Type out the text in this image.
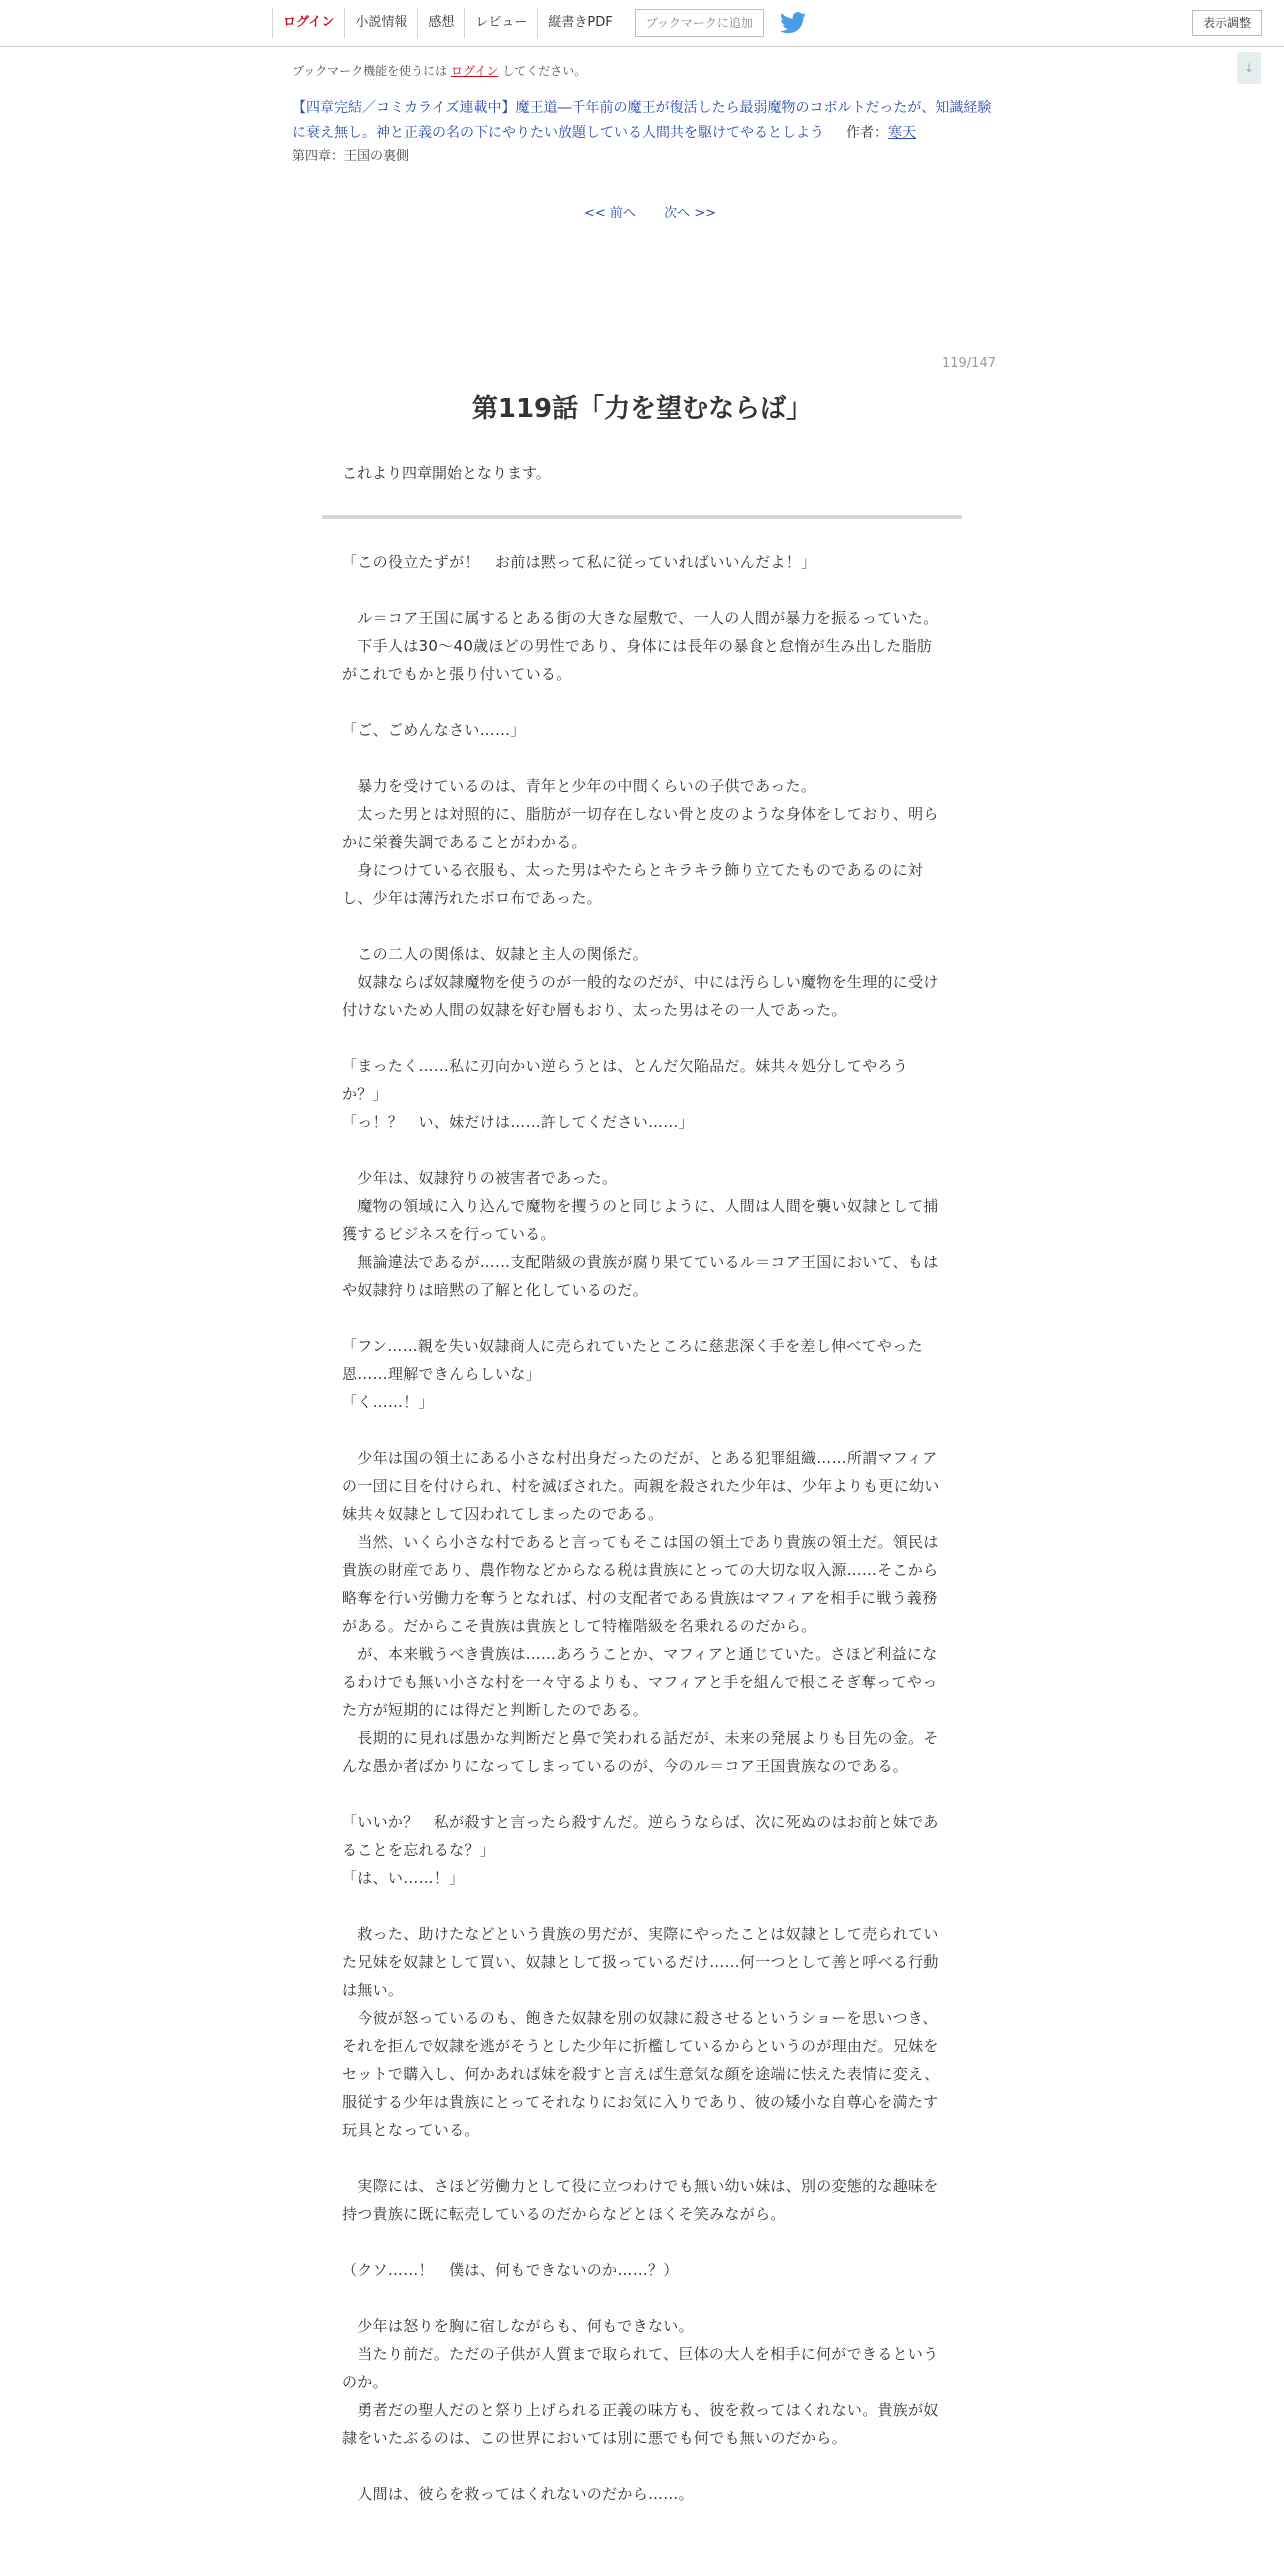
ログイン	小説情報	感想	レビュー	縦書きPDF	ブックマークに追加	表示調整
↓
ブックマーク機能を使うには ログイン してください。
【四章完結／コミカライズ連載中】魔王道―千年前の魔王が復活したら最弱魔物のコボルトだったが、知識経験に衰え無し。神と正義の名の下にやりたい放題している人間共を駆けてやるとしよう 作者：寒天
第四章：王国の裏側
<< 前へ 次へ >>
119/147
第119話「力を望むならば」
これより四章開始となります。

「この役立たずが！　お前は黙って私に従っていればいいんだよ！」

　ル＝コア王国に属するとある街の大きな屋敷で、一人の人間が暴力を振るっていた。

　下手人は30～40歳ほどの男性であり、身体には長年の暴食と怠惰が生み出した脂肪がこれでもかと張り付いている。

「ご、ごめんなさい……」

　暴力を受けているのは、青年と少年の中間くらいの子供であった。

　太った男とは対照的に、脂肪が一切存在しない骨と皮のような身体をしており、明らかに栄養失調であることがわかる。

　身につけている衣服も、太った男はやたらとキラキラ飾り立てたものであるのに対し、少年は薄汚れたボロ布であった。

　この二人の関係は、奴隷と主人の関係だ。

　奴隷ならば奴隷魔物を使うのが一般的なのだが、中には汚らしい魔物を生理的に受け付けないため人間の奴隷を好む層もおり、太った男はその一人であった。

「まったく……私に刃向かい逆らうとは、とんだ欠陥品だ。妹共々処分してやろうか？」

「っ！？　い、妹だけは……許してください……」

　少年は、奴隷狩りの被害者であった。

　魔物の領域に入り込んで魔物を攫うのと同じように、人間は人間を襲い奴隷として捕獲するビジネスを行っている。

　無論違法であるが……支配階級の貴族が腐り果てているル＝コア王国において、もはや奴隷狩りは暗黙の了解と化しているのだ。

「フン……親を失い奴隷商人に売られていたところに慈悲深く手を差し伸べてやった恩……理解できんらしいな」

「く……！」

　少年は国の領土にある小さな村出身だったのだが、とある犯罪組織……所謂マフィアの一団に目を付けられ、村を滅ぼされた。両親を殺された少年は、少年よりも更に幼い妹共々奴隷として囚われてしまったのである。

　当然、いくら小さな村であると言ってもそこは国の領土であり貴族の領土だ。領民は貴族の財産であり、農作物などからなる税は貴族にとっての大切な収入源……そこから略奪を行い労働力を奪うとなれば、村の支配者である貴族はマフィアを相手に戦う義務がある。だからこそ貴族は貴族として特権階級を名乗れるのだから。

　が、本来戦うべき貴族は……あろうことか、マフィアと通じていた。さほど利益になるわけでも無い小さな村を一々守るよりも、マフィアと手を組んで根こそぎ奪ってやった方が短期的には得だと判断したのである。

　長期的に見れば愚かな判断だと鼻で笑われる話だが、未来の発展よりも目先の金。そんな愚か者ばかりになってしまっているのが、今のル＝コア王国貴族なのである。

「いいか？　私が殺すと言ったら殺すんだ。逆らうならば、次に死ぬのはお前と妹であることを忘れるな？」

「は、い……！」

　救った、助けたなどという貴族の男だが、実際にやったことは奴隷として売られていた兄妹を奴隷として買い、奴隷として扱っているだけ……何一つとして善と呼べる行動は無い。

　今彼が怒っているのも、飽きた奴隷を別の奴隷に殺させるというショーを思いつき、それを拒んで奴隷を逃がそうとした少年に折檻しているからというのが理由だ。兄妹をセットで購入し、何かあれば妹を殺すと言えば生意気な顔を途端に怯えた表情に変え、服従する少年は貴族にとってそれなりにお気に入りであり、彼の矮小な自尊心を満たす玩具となっている。

　実際には、さほど労働力として役に立つわけでも無い幼い妹は、別の変態的な趣味を持つ貴族に既に転売しているのだからなどとほくそ笑みながら。

（クソ……！　僕は、何もできないのか……？）

　少年は怒りを胸に宿しながらも、何もできない。

　当たり前だ。ただの子供が人質まで取られて、巨体の大人を相手に何ができるというのか。

　勇者だの聖人だのと祭り上げられる正義の味方も、彼を救ってはくれない。貴族が奴隷をいたぶるのは、この世界においては別に悪でも何でも無いのだから。

　人間は、彼らを救ってはくれないのだから……。
